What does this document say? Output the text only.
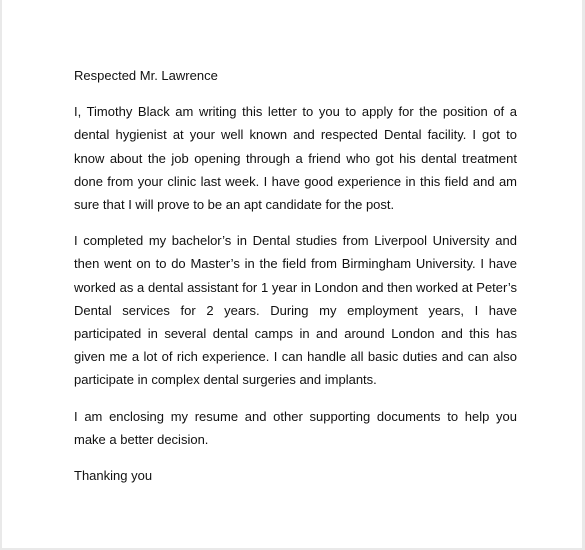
Respected Mr. Lawrence

I, Timothy Black am writing this letter to you to apply for the position of a dental hygienist at your well known and respected Dental facility. I got to know about the job opening through a friend who got his dental treatment done from your clinic last week. I have good experience in this field and am sure that I will prove to be an apt candidate for the post.

I completed my bachelor’s in Dental studies from Liverpool University and then went on to do Master’s in the field from Birmingham University. I have worked as a dental assistant for 1 year in London and then worked at Peter’s Dental services for 2 years. During my employment years, I have participated in several dental camps in and around London and this has given me a lot of rich experience. I can handle all basic duties and can also participate in complex dental surgeries and implants.

I am enclosing my resume and other supporting documents to help you make a better decision.

Thanking you
